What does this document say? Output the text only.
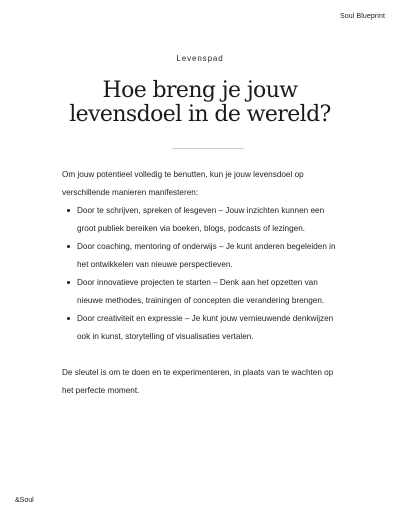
Soul Blueprint
Levenspad
Hoe breng je jouw
levensdoel in de wereld?

Om jouw potentieel volledig te benutten, kun je jouw levensdoel op verschillende manieren manifesteren:

Door te schrijven, spreken of lesgeven – Jouw inzichten kunnen een groot publiek bereiken via boeken, blogs, podcasts of lezingen.
Door coaching, mentoring of onderwijs – Je kunt anderen begeleiden in het ontwikkelen van nieuwe perspectieven.
Door innovatieve projecten te starten – Denk aan het opzetten van nieuwe methodes, trainingen of concepten die verandering brengen.
Door creativiteit en expressie – Je kunt jouw vernieuwende denkwijzen ook in kunst, storytelling of visualisaties vertalen.

De sleutel is om te doen en te experimenteren, in plaats van te wachten op het perfecte moment.

&Soul
